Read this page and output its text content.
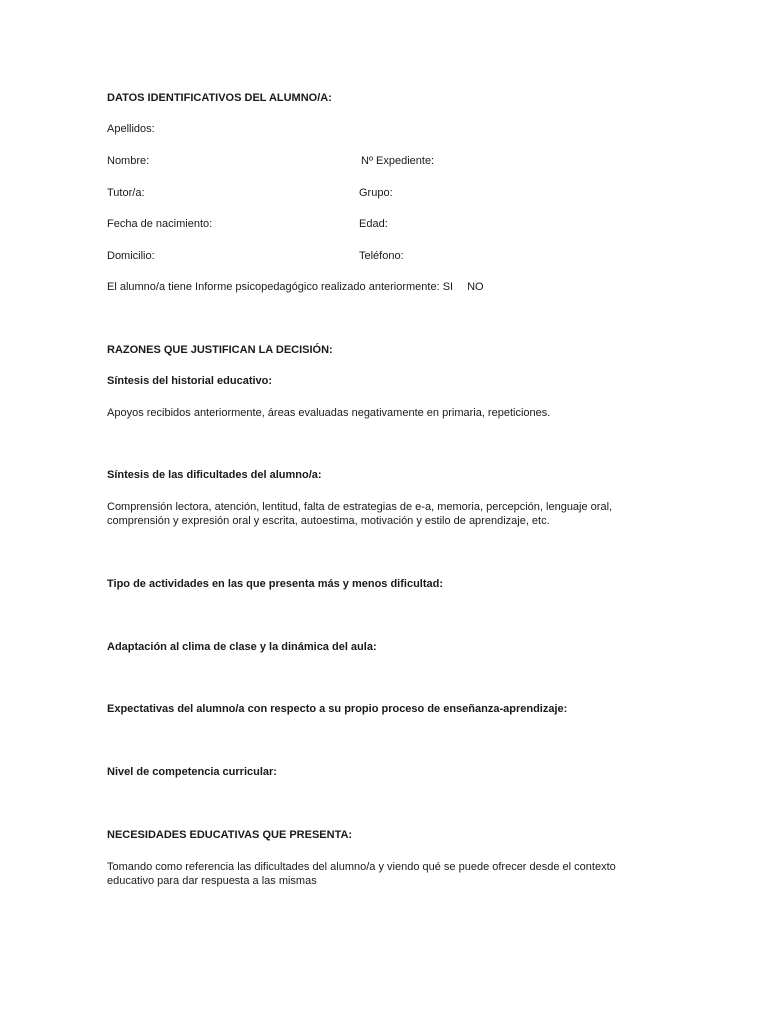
DATOS IDENTIFICATIVOS DEL ALUMNO/A:
Apellidos:
Nombre:	Nº Expediente:
Tutor/a:	Grupo:
Fecha de nacimiento:	Edad:
Domicilio:	Teléfono:
El alumno/a tiene Informe psicopedagógico realizado anteriormente: SI NO
RAZONES QUE JUSTIFICAN LA DECISIÓN:
Síntesis del historial educativo:
Apoyos recibidos anteriormente, áreas evaluadas negativamente en primaria, repeticiones.
Síntesis de las dificultades del alumno/a:
Comprensión lectora, atención, lentitud, falta de estrategias de e-a, memoria, percepción, lenguaje oral,
comprensión y expresión oral y escrita, autoestima, motivación y estilo de aprendizaje, etc.
Tipo de actividades en las que presenta más y menos dificultad:
Adaptación al clima de clase y la dinámica del aula:
Expectativas del alumno/a con respecto a su propio proceso de enseñanza-aprendizaje:
Nivel de competencia curricular:
NECESIDADES EDUCATIVAS QUE PRESENTA:
Tomando como referencia las dificultades del alumno/a y viendo qué se puede ofrecer desde el contexto
educativo para dar respuesta a las mismas
